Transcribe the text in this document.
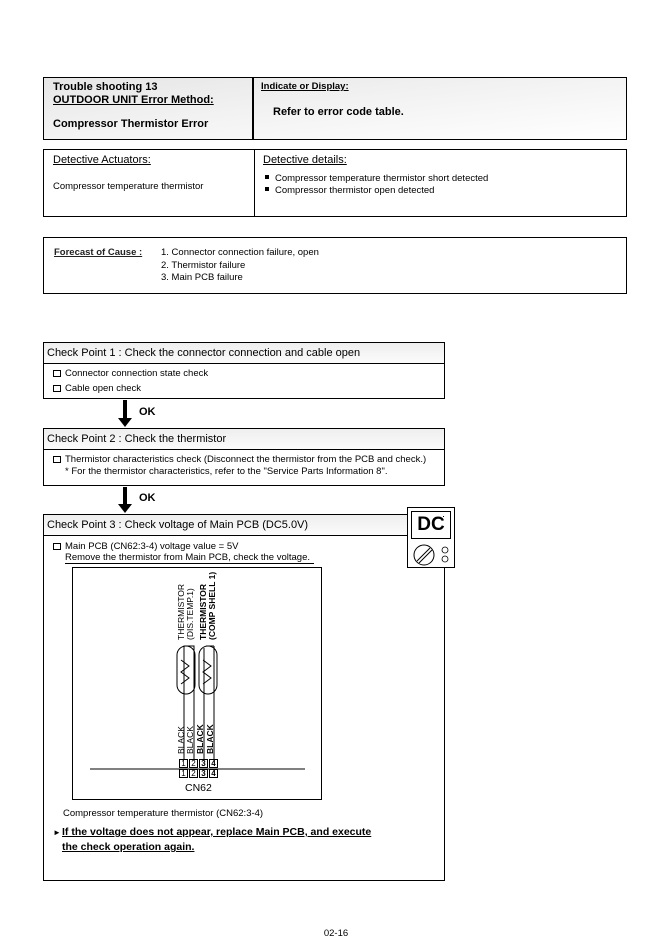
Trouble shooting 13
OUTDOOR UNIT Error Method:
Compressor Thermistor Error
Indicate or Display:
Refer to error code table.
Detective Actuators:
Compressor temperature thermistor
Detective details:
Compressor temperature thermistor short detected
Compressor thermistor open detected
Forecast of Cause :	1. Connector connection failure, open
2. Thermistor failure
3. Main PCB failure
Check Point 1 : Check the connector connection and cable open
Connector connection state check
Cable open check
OK
Check Point 2 : Check the thermistor
Thermistor characteristics check (Disconnect the thermistor from the PCB and check.)
* For the thermistor characteristics, refer to the "Service Parts Information 8".
OK
Check Point 3 : Check voltage of Main PCB (DC5.0V)
Main PCB (CN62:3-4) voltage value = 5V
Remove the thermistor from Main PCB, check the voltage.
DC
THERMISTOR (DIS.TEMP.1) THERMISTOR (COMP SHELL 1)
BLACK BLACK BLACK BLACK
1 2 3 4
1 2 3 4
CN62
Compressor temperature thermistor (CN62:3-4)
►If the voltage does not appear, replace Main PCB, and execute
the check operation again.
02-16
